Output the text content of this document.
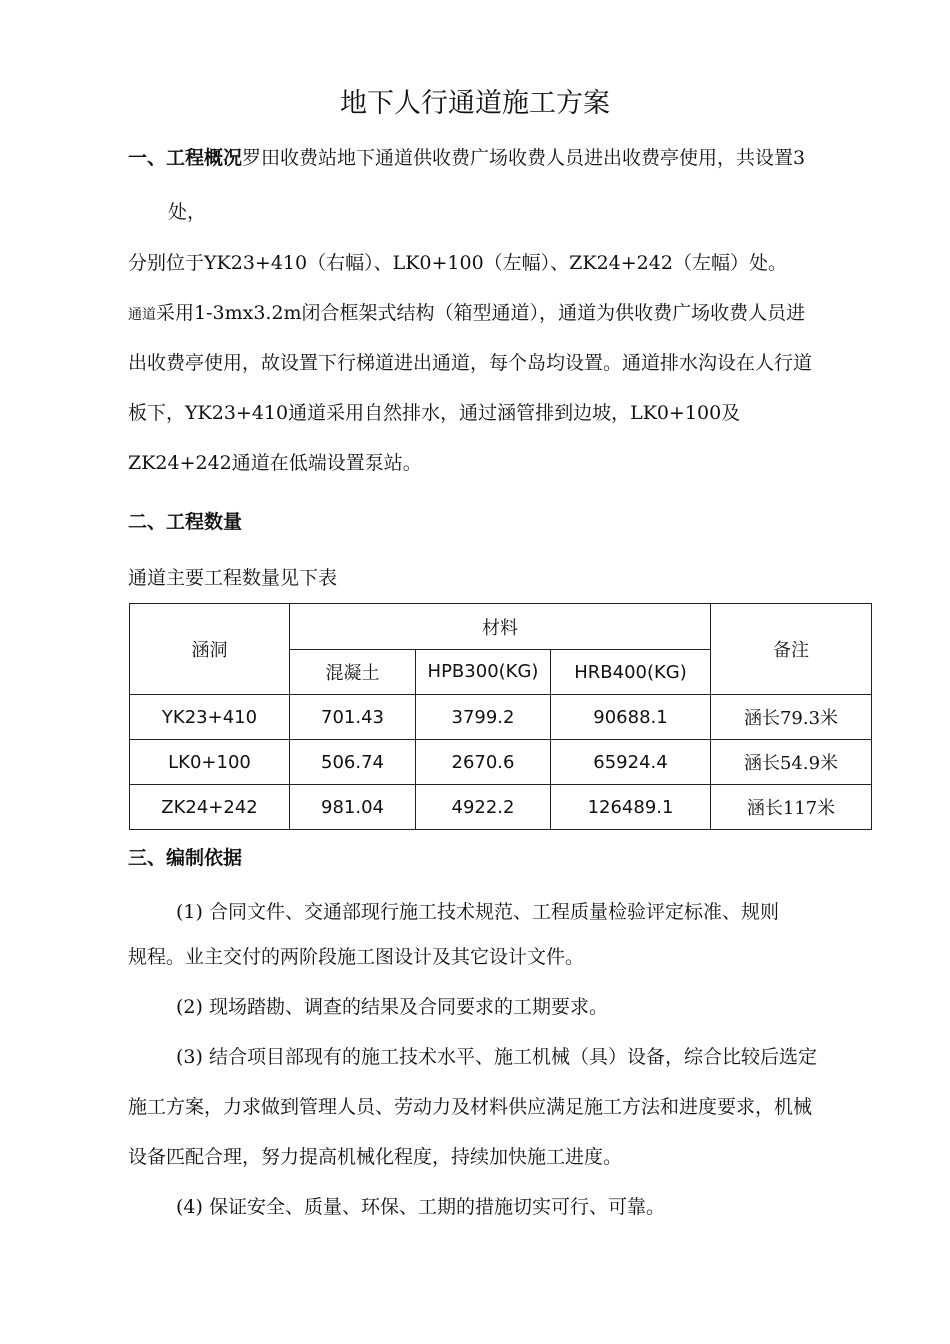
地下人行通道施工方案
一、工程概况罗田收费站地下通道供收费广场收费人员进出收费亭使用，共设置3
处，
分别位于YK23+410（右幅）、LK0+100（左幅）、ZK24+242（左幅）处。
通道采用1-3mx3.2m闭合框架式结构（箱型通道），通道为供收费广场收费人员进
出收费亭使用，故设置下行梯道进出通道，每个岛均设置。通道排水沟设在人行道
板下，YK23+410通道采用自然排水，通过涵管排到边坡，LK0+100及
ZK24+242通道在低端设置泵站。
二、工程数量
通道主要工程数量见下表
涵洞	材料			备注
	混凝土	HPB300(KG)	HRB400(KG)	
YK23+410	701.43	3799.2	90688.1	涵长79.3米
LK0+100	506.74	2670.6	65924.4	涵长54.9米
ZK24+242	981.04	4922.2	126489.1	涵长117米
三、编制依据
(1) 合同文件、交通部现行施工技术规范、工程质量检验评定标准、规则
规程。业主交付的两阶段施工图设计及其它设计文件。
(2) 现场踏勘、调查的结果及合同要求的工期要求。
(3) 结合项目部现有的施工技术水平、施工机械（具）设备，综合比较后选定
施工方案，力求做到管理人员、劳动力及材料供应满足施工方法和进度要求，机械
设备匹配合理，努力提高机械化程度，持续加快施工进度。
(4) 保证安全、质量、环保、工期的措施切实可行、可靠。
